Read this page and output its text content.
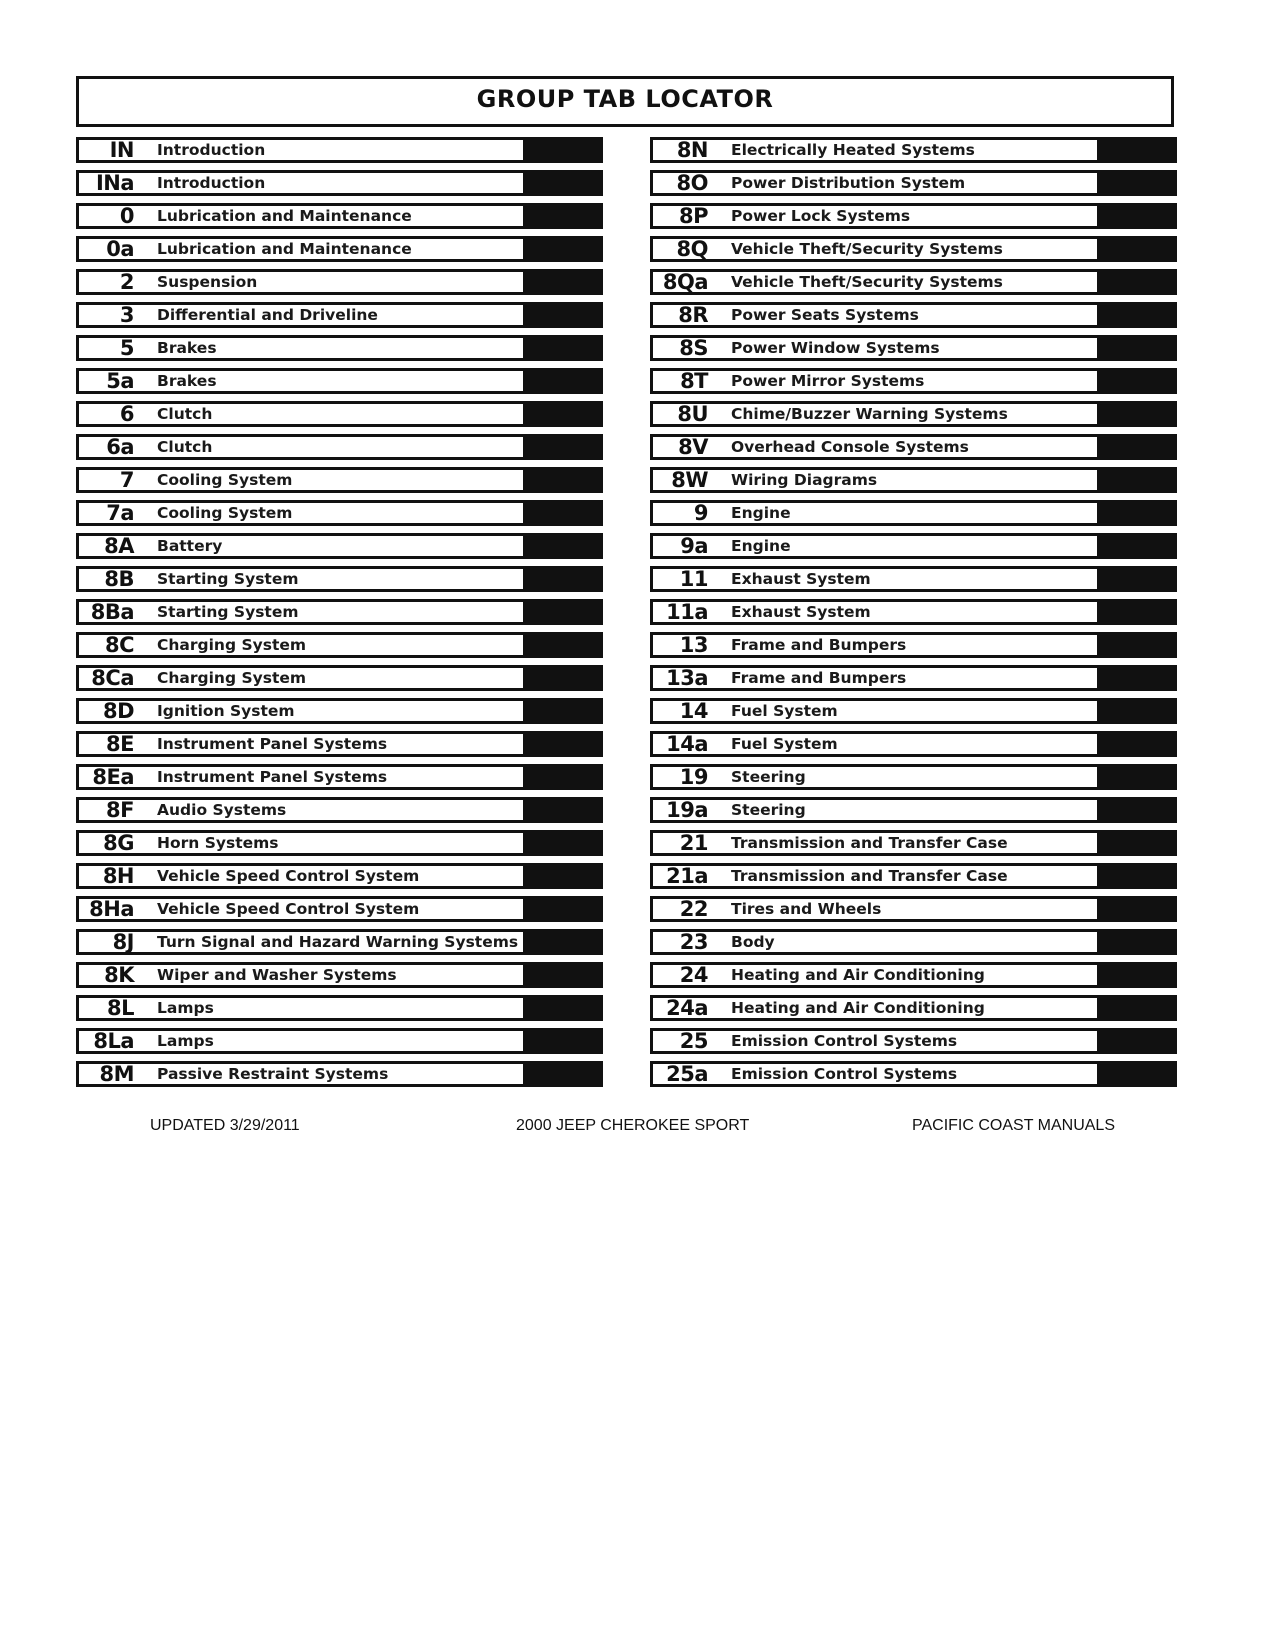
GROUP TAB LOCATOR
IN Introduction
INa Introduction
0 Lubrication and Maintenance
0a Lubrication and Maintenance
2 Suspension
3 Differential and Driveline
5 Brakes
5a Brakes
6 Clutch
6a Clutch
7 Cooling System
7a Cooling System
8A Battery
8B Starting System
8Ba Starting System
8C Charging System
8Ca Charging System
8D Ignition System
8E Instrument Panel Systems
8Ea Instrument Panel Systems
8F Audio Systems
8G Horn Systems
8H Vehicle Speed Control System
8Ha Vehicle Speed Control System
8J Turn Signal and Hazard Warning Systems
8K Wiper and Washer Systems
8L Lamps
8La Lamps
8M Passive Restraint Systems
8N Electrically Heated Systems
8O Power Distribution System
8P Power Lock Systems
8Q Vehicle Theft/Security Systems
8Qa Vehicle Theft/Security Systems
8R Power Seats Systems
8S Power Window Systems
8T Power Mirror Systems
8U Chime/Buzzer Warning Systems
8V Overhead Console Systems
8W Wiring Diagrams
9 Engine
9a Engine
11 Exhaust System
11a Exhaust System
13 Frame and Bumpers
13a Frame and Bumpers
14 Fuel System
14a Fuel System
19 Steering
19a Steering
21 Transmission and Transfer Case
21a Transmission and Transfer Case
22 Tires and Wheels
23 Body
24 Heating and Air Conditioning
24a Heating and Air Conditioning
25 Emission Control Systems
25a Emission Control Systems
UPDATED 3/29/2011	2000 JEEP CHEROKEE SPORT	PACIFIC COAST MANUALS
